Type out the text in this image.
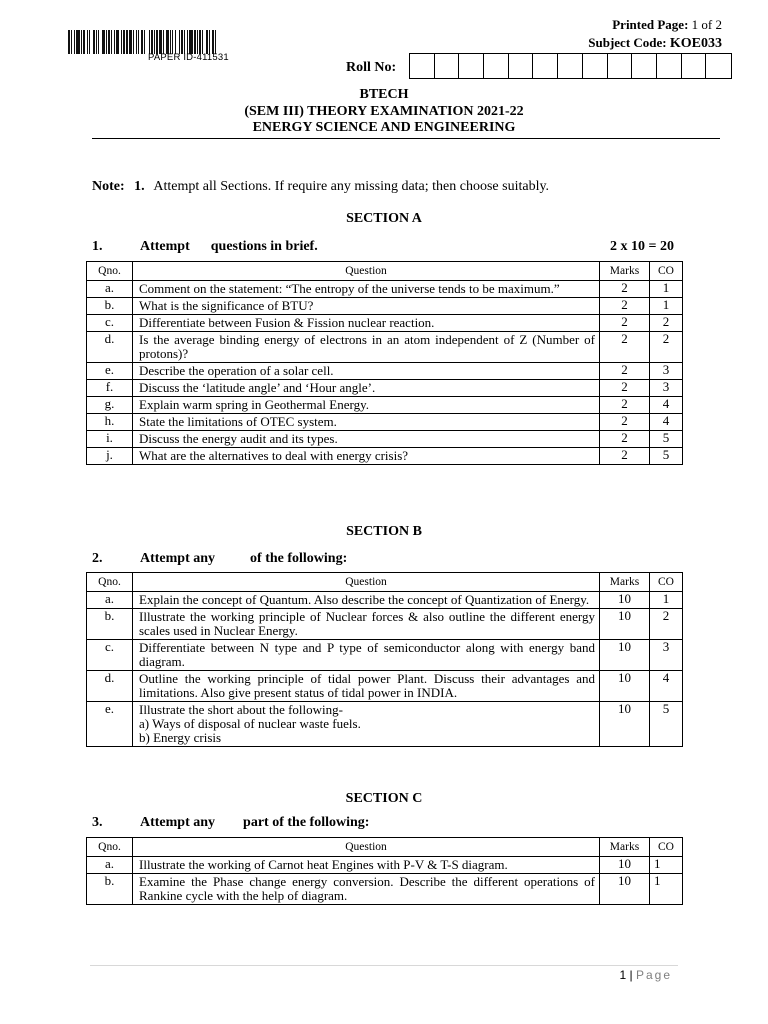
PAPER ID-411531
Printed Page: 1 of 2
Subject Code: KOE033
Roll No:
BTECH
(SEM III) THEORY EXAMINATION 2021-22
ENERGY SCIENCE AND ENGINEERING
Note: 1. Attempt all Sections. If require any missing data; then choose suitably.
SECTION A
1.	Attempt      questions in brief.	2 x 10 = 20
Qno.	Question	Marks	CO
a.	Comment on the statement: “The entropy of the universe tends to be maximum.”	2	1
b.	What is the significance of BTU?	2	1
c.	Differentiate between Fusion & Fission nuclear reaction.	2	2
d.	Is the average binding energy of electrons in an atom independent of Z (Number of protons)?	2	2
e.	Describe the operation of a solar cell.	2	3
f.	Discuss the ‘latitude angle’ and ‘Hour angle’.	2	3
g.	Explain warm spring in Geothermal Energy.	2	4
h.	State the limitations of OTEC system.	2	4
i.	Discuss the energy audit and its types.	2	5
j.	What are the alternatives to deal with energy crisis?	2	5
SECTION B
2.	Attempt any          of the following:
Qno.	Question	Marks	CO
a.	Explain the concept of Quantum. Also describe the concept of Quantization of Energy.	10	1
b.	Illustrate the working principle of Nuclear forces & also outline the different energy scales used in Nuclear Energy.	10	2
c.	Differentiate between N type and P type of semiconductor along with energy band diagram.	10	3
d.	Outline the working principle of tidal power Plant. Discuss their advantages and limitations. Also give present status of tidal power in INDIA.	10	4
e.	Illustrate the short about the following-
a) Ways of disposal of nuclear waste fuels.
b) Energy crisis	10	5
SECTION C
3.	Attempt any        part of the following:
Qno.	Question	Marks	CO
a.	Illustrate the working of Carnot heat Engines with P-V & T-S diagram.	10	1
b.	Examine the Phase change energy conversion. Describe the different operations of Rankine cycle with the help of diagram.	10	1
1 | Page
